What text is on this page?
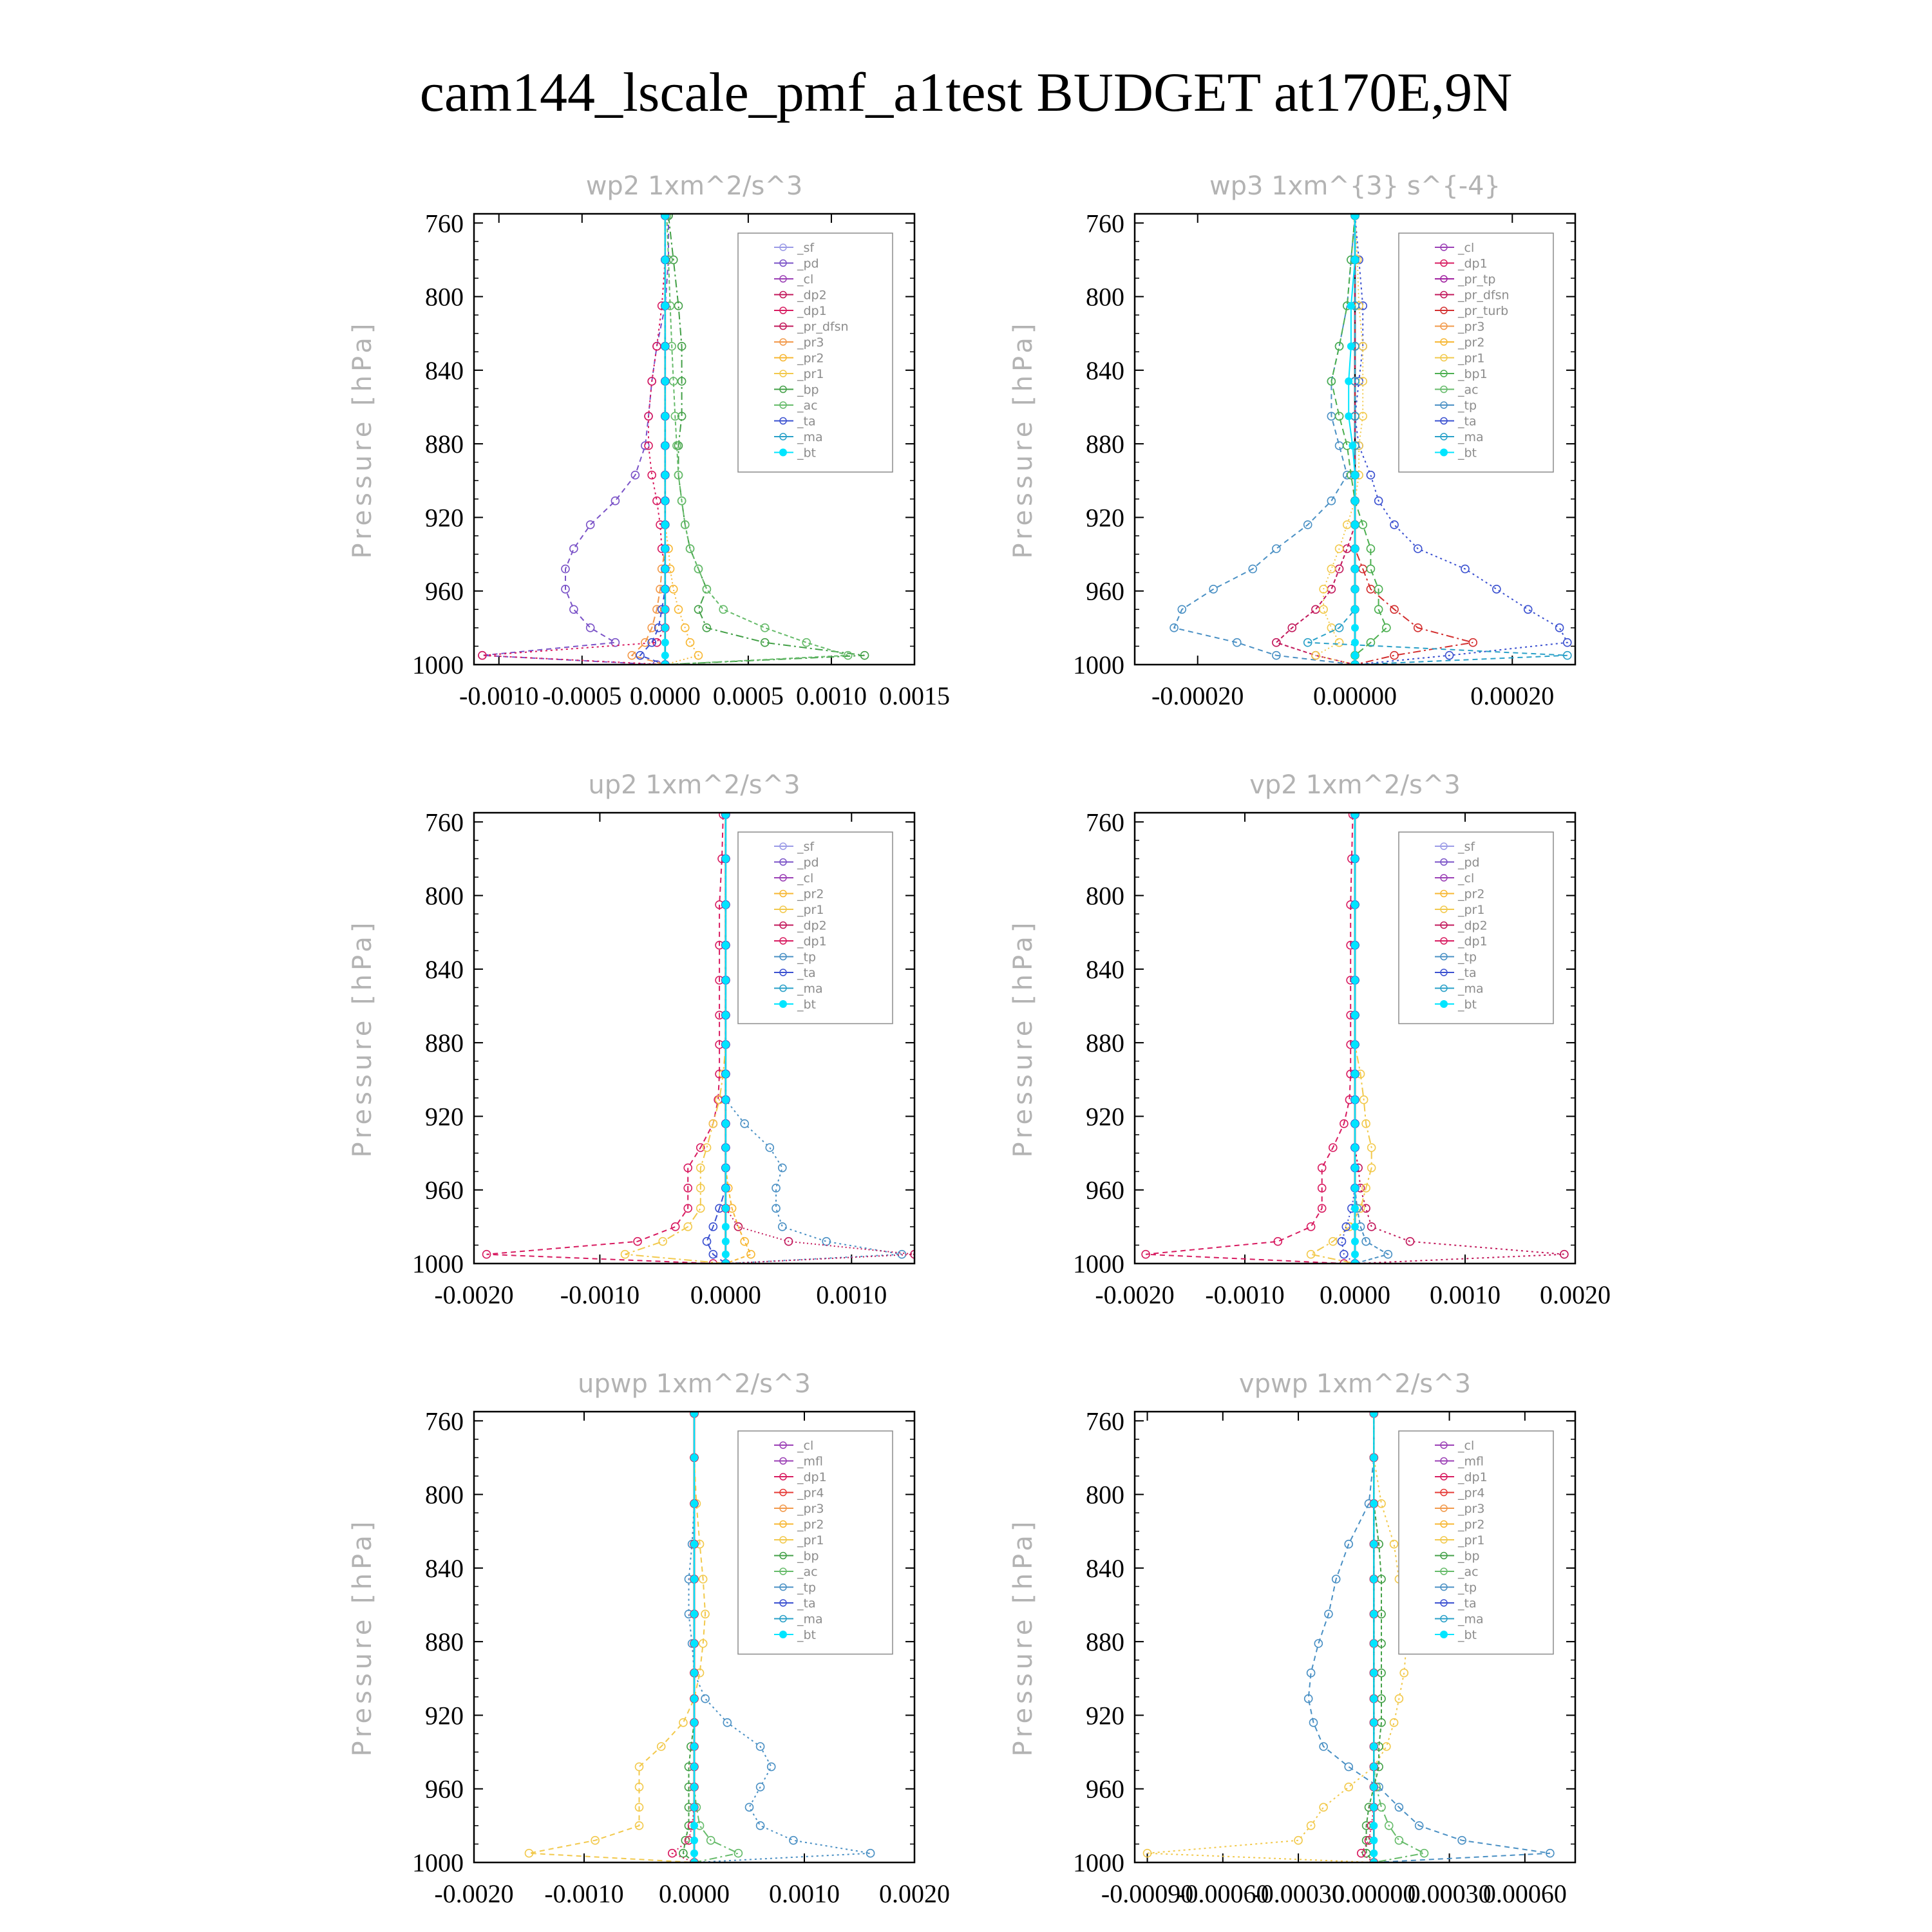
cam144_lscale_pmf_a1test BUDGET at170E,9N
wp2 1xm^2/s^3
Pressure [hPa]
760
800
840
880
920
960
1000
-0.0010 -0.0005 0.0000 0.0005 0.0010 0.0015
_sf
_pd
_cl
_dp2
_dp1
_pr_dfsn
_pr3
_pr2
_pr1
_bp
_ac
_ta
_ma
_bt
wp3 1xm^{3} s^{-4}
Pressure [hPa]
760
800
840
880
920
960
1000
-0.00020	0.00000	0.00020
_cl
_dp1
_pr_tp
_pr_dfsn
_pr_turb
_pr3
_pr2
_pr1
_bp1
_ac
_tp
_ta
_ma
_bt
up2 1xm^2/s^3
Pressure [hPa]
760
800
840
880
920
960
1000
-0.0020 -0.0010 0.0000 0.0010
_sf
_pd
_cl
_pr2
_pr1
_dp2
_dp1
_tp
_ta
_ma
_bt
vp2 1xm^2/s^3
Pressure [hPa]
760
800
840
880
920
960
1000
-0.0020 -0.0010 0.0000 0.0010 0.0020
_sf
_pd
_cl
_pr2
_pr1
_dp2
_dp1
_tp
_ta
_ma
_bt
upwp 1xm^2/s^3
Pressure [hPa]
760
800
840
880
920
960
1000
-0.0020 -0.0010 0.0000 0.0010 0.0020
_cl
_mfl
_dp1
_pr4
_pr3
_pr2
_pr1
_bp
_ac
_tp
_ta
_ma
_bt
vpwp 1xm^2/s^3
Pressure [hPa]
760
800
840
880
920
960
1000
-0.00090
-0.00060
-0.00030
0.00000
0.00030
0.00060
_cl
_mfl
_dp1
_pr4
_pr3
_pr2
_pr1
_bp
_ac
_tp
_ta
_ma
_bt
